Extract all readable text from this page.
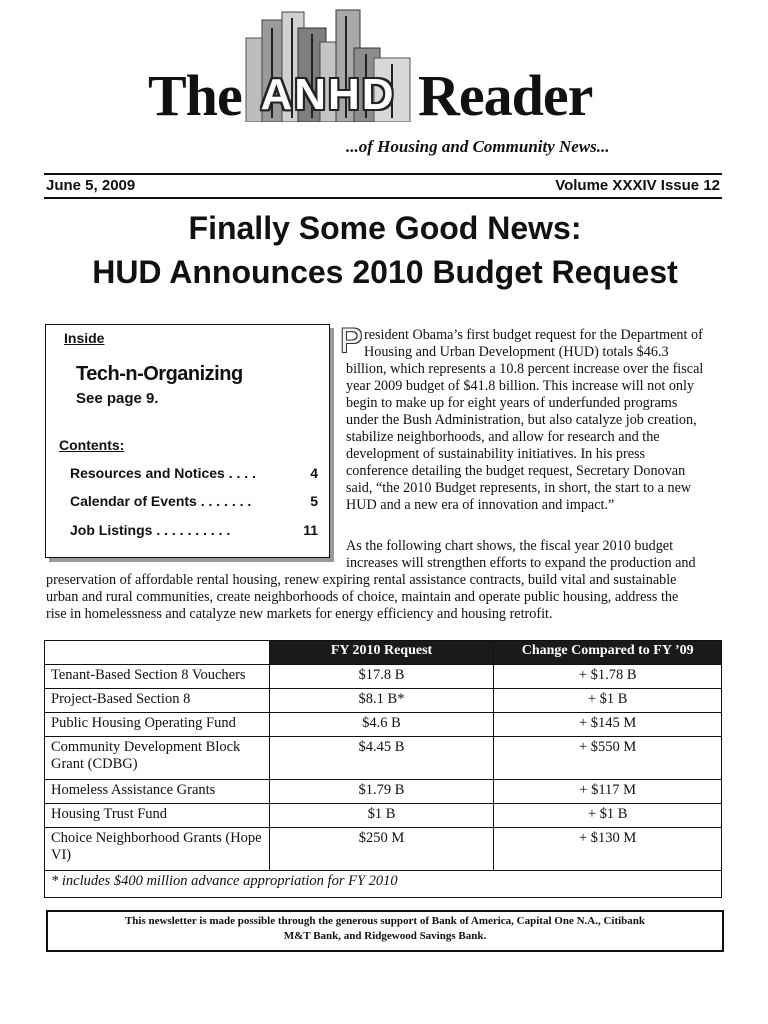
The ANHD Reader
...of Housing and Community News...
June 5, 2009	Volume XXXIV Issue 12
Finally Some Good News:
HUD Announces 2010 Budget Request
Inside
Tech-n-Organizing
See page 9.
Contents:
Resources and Notices . . . .	4
Calendar of Events . . . . . . .	5
Job Listings . . . . . . . . . .	11
P resident Obama’s first budget request for the Department of
Housing and Urban Development (HUD) totals $46.3
billion, which represents a 10.8 percent increase over the fiscal
year 2009 budget of $41.8 billion. This increase will not only
begin to make up for eight years of underfunded programs
under the Bush Administration, but also catalyze job creation,
stabilize neighborhoods, and allow for research and the
development of sustainability initiatives. In his press
conference detailing the budget request, Secretary Donovan
said, “the 2010 Budget represents, in short, the start to a new
HUD and a new era of innovation and impact.”
As the following chart shows, the fiscal year 2010 budget
increases will strengthen efforts to expand the production and
preservation of affordable rental housing, renew expiring rental assistance contracts, build vital and sustainable
urban and rural communities, create neighborhoods of choice, maintain and operate public housing, address the
rise in homelessness and catalyze new markets for energy efficiency and housing retrofit.
	FY 2010 Request	Change Compared to FY ’09
Tenant-Based Section 8 Vouchers	$17.8 B	+ $1.78 B
Project-Based Section 8	$8.1 B*	+ $1 B
Public Housing Operating Fund	$4.6 B	+ $145 M
Community Development Block Grant (CDBG)	$4.45 B	+ $550 M
Homeless Assistance Grants	$1.79 B	+ $117 M
Housing Trust Fund	$1 B	+ $1 B
Choice Neighborhood Grants (Hope VI)	$250 M	+ $130 M
* includes $400 million advance appropriation for FY 2010		
This newsletter is made possible through the generous support of Bank of America, Capital One N.A., Citibank
M&T Bank, and Ridgewood Savings Bank.
